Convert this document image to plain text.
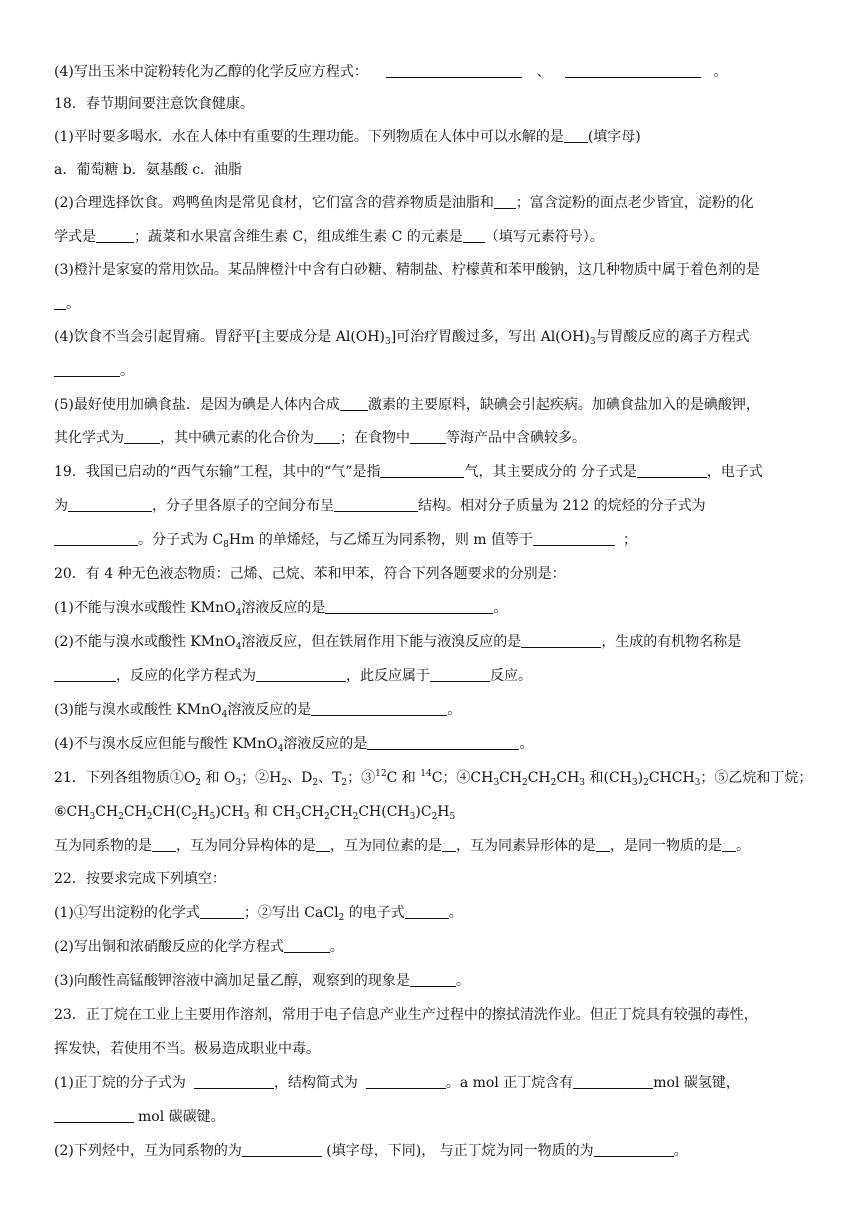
(4)写出玉米中淀粉转化为乙醇的化学反应方程式：	、	。
18．春节期间要注意饮食健康。
(1)平时要多喝水．水在人体中有重要的生理功能。下列物质在人体中可以水解的是 (填字母)
a．葡萄糖 b．氨基酸 c．油脂
(2)合理选择饮食。鸡鸭鱼肉是常见食材，它们富含的营养物质是油脂和 ；富含淀粉的面点老少皆宜，淀粉的化
学式是	；蔬菜和水果富含维生素 C，组成维生素 C 的元素是 （填写元素符号）。
(3)橙汁是家宴的常用饮品。某品牌橙汁中含有白砂糖、精制盐、柠檬黄和苯甲酸钠，这几种物质中属于着色剂的是
。
(4)饮食不当会引起胃痛。胃舒平[主要成分是 $Al(OH)_3$]可治疗胃酸过多，写出 $Al(OH)_3$与胃酸反应的离子方程式
。
(5)最好使用加碘食盐．是因为碘是人体内合成 激素的主要原料，缺碘会引起疾病。加碘食盐加入的是碘酸钾，
其化学式为	，其中碘元素的化合价为 ；在食物中	等海产品中含碘较多。
19．我国已启动的“西气东输”工程，其中的“气”是指	气，其主要成分的 分子式是	，电子式
为	，分子里各原子的空间分布呈	结构。相对分子质量为 212 的烷烃的分子式为
。分子式为 $C_8Hm$ 的单烯烃，与乙烯互为同系物，则 m 值等于	；
20．有 4 种无色液态物质：己烯、己烷、苯和甲苯，符合下列各题要求的分别是：
(1)不能与溴水或酸性 KMnO$_4$溶液反应的是	。
(2)不能与溴水或酸性 KMnO$_4$溶液反应，但在铁屑作用下能与液溴反应的是	，生成的有机物名称是
，反应的化学方程式为	，此反应属于	反应。
(3)能与溴水或酸性 KMnO$_4$溶液反应的是	。
(4)不与溴水反应但能与酸性 KMnO$_4$溶液反应的是	。
21．下列各组物质$①O_2$ 和 $O_3$；$②H_2$、$D_2$、$T_2$；③$^{12}$C 和 $^{14}$C；$④CH_3CH_2CH_2CH_3$ 和$(CH_3)_2CHCH_3$；⑤乙烷和丁烷；
$⑥CH_3CH_2CH_2CH(C_2H_5)CH_3$ 和 $CH_3CH_2CH_2CH(CH_3)C_2H_5$
互为同系物的是 ，互为同分异构体的是 ，互为同位素的是 ，互为同素异形体的是 ，是同一物质的是 。
22．按要求完成下列填空：
(1)①写出淀粉的化学式	；②写出 CaCl$_2$ 的电子式	。
(2)写出铜和浓硝酸反应的化学方程式	。
(3)向酸性高锰酸钾溶液中滴加足量乙醇，观察到的现象是	。
23．正丁烷在工业上主要用作溶剂，常用于电子信息产业生产过程中的擦拭清洗作业。但正丁烷具有较强的毒性，
挥发快，若使用不当。极易造成职业中毒。
(1)正丁烷的分子式为	，结构简式为	。a mol 正丁烷含有	mol 碳氢键，
mol 碳碳键。
(2)下列烃中，互为同系物的为	(填字母，下同)， 与正丁烷为同一物质的为	。
